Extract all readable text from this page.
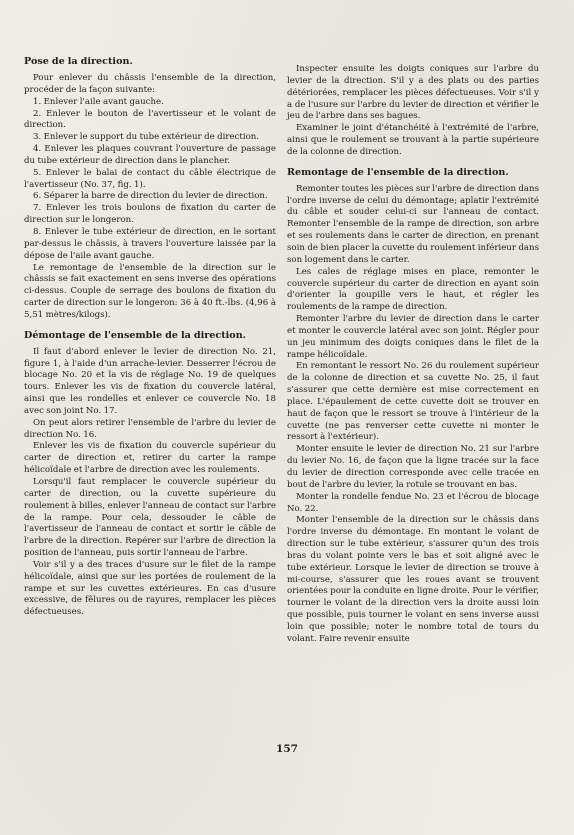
Pose de la direction.

Pour enlever du châssis l'ensemble de la direction, procéder de la façon suivante:

1. Enlever l'aile avant gauche.

2. Enlever le bouton de l'avertisseur et le volant de direction.

3. Enlever le support du tube extérieur de direction.

4. Enlever les plaques couvrant l'ouverture de passage du tube extérieur de direction dans le plancher.

5. Enlever le balai de contact du câble électrique de l'avertisseur (No. 37, fig. 1).

6. Séparer la barre de direction du levier de direction.

7. Enlever les trois boulons de fixation du carter de direction sur le longeron.

8. Enlever le tube extérieur de direction, en le sortant par-dessus le châssis, à travers l'ouverture laissée par la dépose de l'aile avant gauche.

Le remontage de l'ensemble de la direction sur le châssis se fait exactement en sens inverse des opérations ci-dessus. Couple de serrage des boulons de fixation du carter de direction sur le longeron: 36 à 40 ft.-lbs. (4,96 à 5,51 mètres/kilogs).

Démontage de l'ensemble de la direction.

Il faut d'abord enlever le levier de direction No. 21, figure 1, à l'aide d'un arrache-levier. Desserrer l'écrou de blocage No. 20 et la vis de réglage No. 19 de quelques tours. Enlever les vis de fixation du couvercle latéral, ainsi que les rondelles et enlever ce couvercle No. 18 avec son joint No. 17.

On peut alors retirer l'ensemble de l'arbre du levier de direction No. 16.

Enlever les vis de fixation du couvercle supérieur du carter de direction et, retirer du carter la rampe hélicoïdale et l'arbre de direction avec les roulements.

Lorsqu'il faut remplacer le couvercle supérieur du carter de direction, ou la cuvette supérieure du roulement à billes, enlever l'anneau de contact sur l'arbre de la rampe. Pour cela, dessouder le câble de l'avertisseur de l'anneau de contact et sortir le câble de l'arbre de la direction. Repérer sur l'arbre de direction la position de l'anneau, puis sortir l'anneau de l'arbre.

Voir s'il y a des traces d'usure sur le filet de la rampe hélicoïdale, ainsi que sur les portées de roulement de la rampe et sur les cuvettes extérieures. En cas d'usure excessive, de fêlures ou de rayures, remplacer les pièces défectueuses.

Inspecter ensuite les doigts coniques sur l'arbre du levier de la direction. S'il y a des plats ou des parties détériorées, remplacer les pièces défectueuses. Voir s'il y a de l'usure sur l'arbre du levier de direction et vérifier le jeu de l'arbre dans ses bagues.

Examiner le joint d'étanchéité à l'extrémité de l'arbre, ainsi que le roulement se trouvant à la partie supérieure de la colonne de direction.

Remontage de l'ensemble de la direction.

Remonter toutes les pièces sur l'arbre de direction dans l'ordre inverse de celui du démontage; aplatir l'extrémité du câble et souder celui-ci sur l'anneau de contact. Remonter l'ensemble de la rampe de direction, son arbre et ses roulements dans le carter de direction, en prenant soin de bien placer la cuvette du roulement inférieur dans son logement dans le carter.

Les cales de réglage mises en place, remonter le couvercle supérieur du carter de direction en ayant soin d'orienter la goupille vers le haut, et régler les roulements de la rampe de direction.

Remonter l'arbre du levier de direction dans le carter et monter le couvercle latéral avec son joint. Régler pour un jeu minimum des doigts coniques dans le filet de la rampe hélicoïdale.

En remontant le ressort No. 26 du roulement supérieur de la colonne de direction et sa cuvette No. 25, il faut s'assurer que cette dernière est mise correctement en place. L'épaulement de cette cuvette doit se trouver en haut de façon que le ressort se trouve à l'intérieur de la cuvette (ne pas renverser cette cuvette ni monter le ressort à l'extérieur).

Monter ensuite le levier de direction No. 21 sur l'arbre du levier No. 16, de façon que la ligne tracée sur la face du levier de direction corresponde avec celle tracée en bout de l'arbre du levier, la rotule se trouvant en bas.

Monter la rondelle fendue No. 23 et l'écrou de blocage No. 22.

Monter l'ensemble de la direction sur le châssis dans l'ordre inverse du démontage. En montant le volant de direction sur le tube extérieur, s'assurer qu'un des trois bras du volant pointe vers le bas et soit aligné avec le tube extérieur. Lorsque le levier de direction se trouve à mi-course, s'assurer que les roues avant se trouvent orientées pour la conduite en ligne droite. Pour le vérifier, tourner le volant de la direction vers la droite aussi loin que possible, puis tourner le volant en sens inverse aussi loin que possible; noter le nombre total de tours du volant. Faire revenir ensuite

157
